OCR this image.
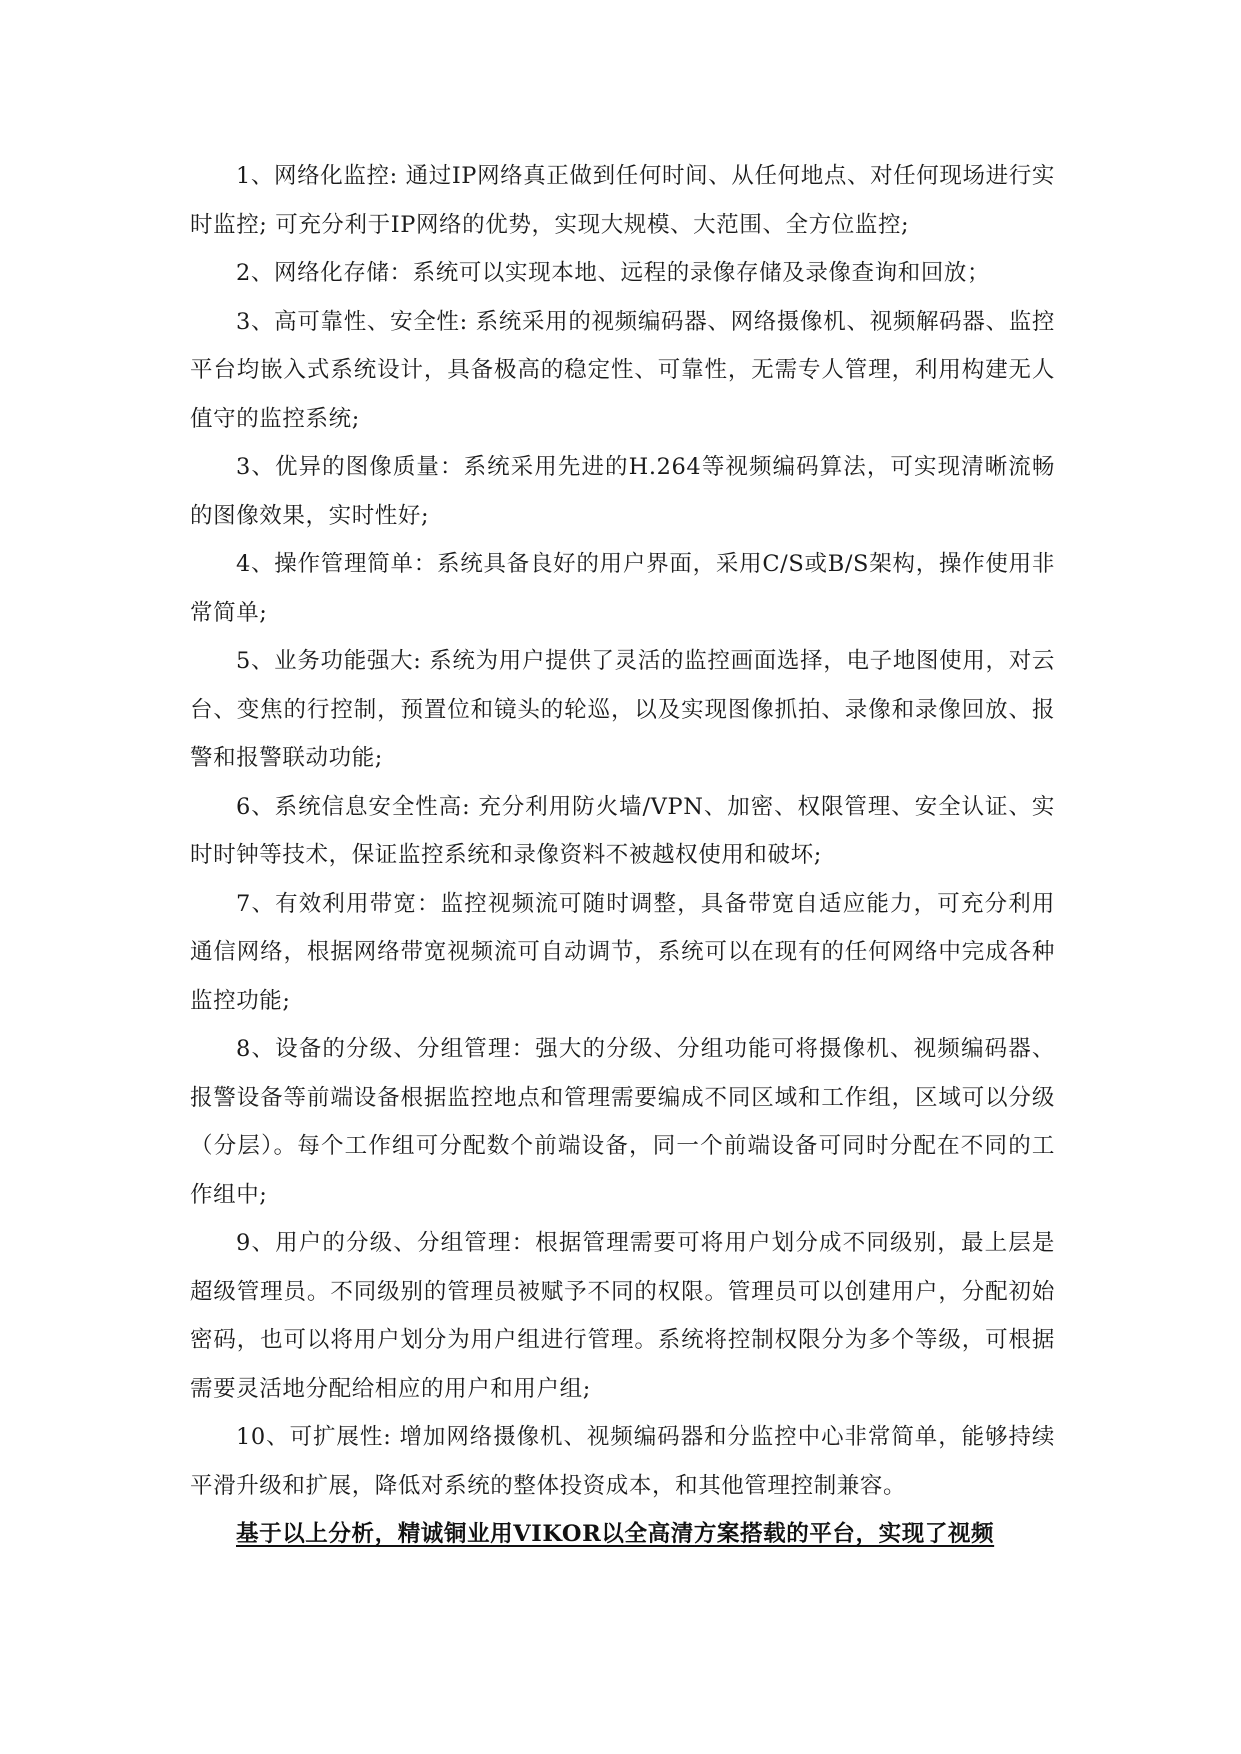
1、网络化监控: 通过IP网络真正做到任何时间、从任何地点、对任何现场进行实时监控; 可充分利于IP网络的优势，实现大规模、大范围、全方位监控;

2、网络化存储：系统可以实现本地、远程的录像存储及录像查询和回放；

3、高可靠性、安全性: 系统采用的视频编码器、网络摄像机、视频解码器、监控平台均嵌入式系统设计，具备极高的稳定性、可靠性，无需专人管理，利用构建无人值守的监控系统;

3、优异的图像质量：系统采用先进的H.264等视频编码算法，可实现清晰流畅的图像效果，实时性好;

4、操作管理简单：系统具备良好的用户界面，采用C/S或B/S架构，操作使用非常简单;

5、业务功能强大: 系统为用户提供了灵活的监控画面选择，电子地图使用，对云台、变焦的行控制，预置位和镜头的轮巡，以及实现图像抓拍、录像和录像回放、报警和报警联动功能;

6、系统信息安全性高: 充分利用防火墙/VPN、加密、权限管理、安全认证、实时时钟等技术，保证监控系统和录像资料不被越权使用和破坏;

7、有效利用带宽：监控视频流可随时调整，具备带宽自适应能力，可充分利用通信网络，根据网络带宽视频流可自动调节，系统可以在现有的任何网络中完成各种监控功能;

8、设备的分级、分组管理：强大的分级、分组功能可将摄像机、视频编码器、报警设备等前端设备根据监控地点和管理需要编成不同区域和工作组，区域可以分级（分层）。每个工作组可分配数个前端设备，同一个前端设备可同时分配在不同的工作组中;

9、用户的分级、分组管理：根据管理需要可将用户划分成不同级别，最上层是超级管理员。不同级别的管理员被赋予不同的权限。管理员可以创建用户，分配初始密码，也可以将用户划分为用户组进行管理。系统将控制权限分为多个等级，可根据需要灵活地分配给相应的用户和用户组;

10、可扩展性: 增加网络摄像机、视频编码器和分监控中心非常简单，能够持续平滑升级和扩展，降低对系统的整体投资成本，和其他管理控制兼容。

基于以上分析，精诚铜业用VIKOR以全高清方案搭载的平台，实现了视频
